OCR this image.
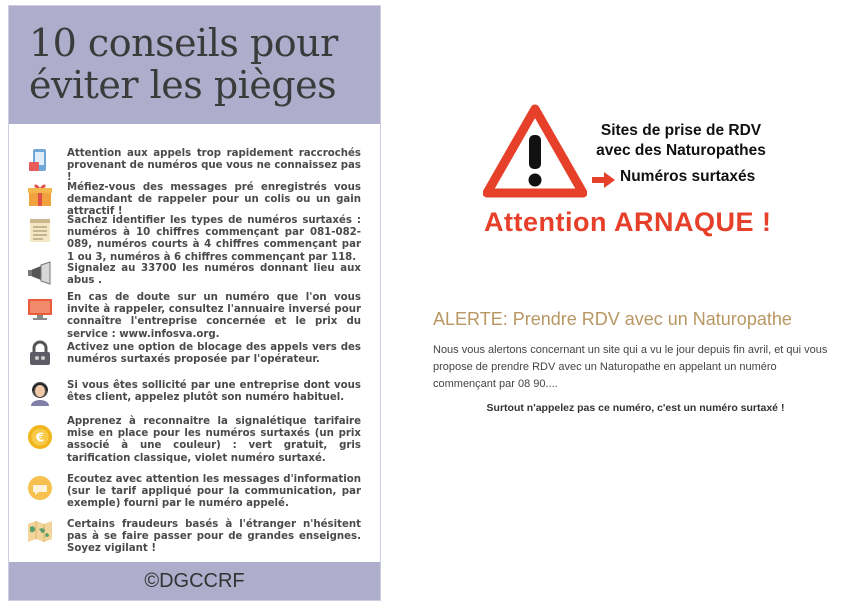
10 conseils pour éviter les pièges
Attention aux appels trop rapidement raccrochés provenant de numéros que vous ne connaissez pas !
Méfiez-vous des messages pré enregistrés vous demandant de rappeler pour un colis ou un gain attractif !
Sachez identifier les types de numéros surtaxés : numéros à 10 chiffres commençant par 081-082-089, numéros courts à 4 chiffres commençant par 1 ou 3, numéros à 6 chiffres commençant par 118.
Signalez au 33700 les numéros donnant lieu aux abus .
En cas de doute sur un numéro que l'on vous invite à rappeler, consultez l'annuaire inversé pour connaître l'entreprise concernée et le prix du service : www.infosva.org.
Activez une option de blocage des appels vers des numéros surtaxés proposée par l'opérateur.
Si vous êtes sollicité par une entreprise dont vous êtes client, appelez plutôt son numéro habituel.
€
Apprenez à reconnaitre la signalétique tarifaire mise en place pour les numéros surtaxés (un prix associé à une couleur) : vert gratuit, gris tarification classique, violet numéro surtaxé.
Ecoutez avec attention les messages d'information (sur le tarif appliqué pour la communication, par exemple) fourni par le numéro appelé.
Certains fraudeurs basés à l'étranger n'hésitent pas à se faire passer pour de grandes enseignes. Soyez vigilant !
©DGCCRF
Sites de prise de RDV
avec des Naturopathes
Numéros surtaxés
Attention ARNAQUE !
ALERTE: Prendre RDV avec un Naturopathe
Nous vous alertons concernant un site qui a vu le jour depuis fin avril, et qui vous propose de prendre RDV avec un Naturopathe en appelant un numéro commençant par 08 90....
Surtout n'appelez pas ce numéro, c'est un numéro surtaxé !
